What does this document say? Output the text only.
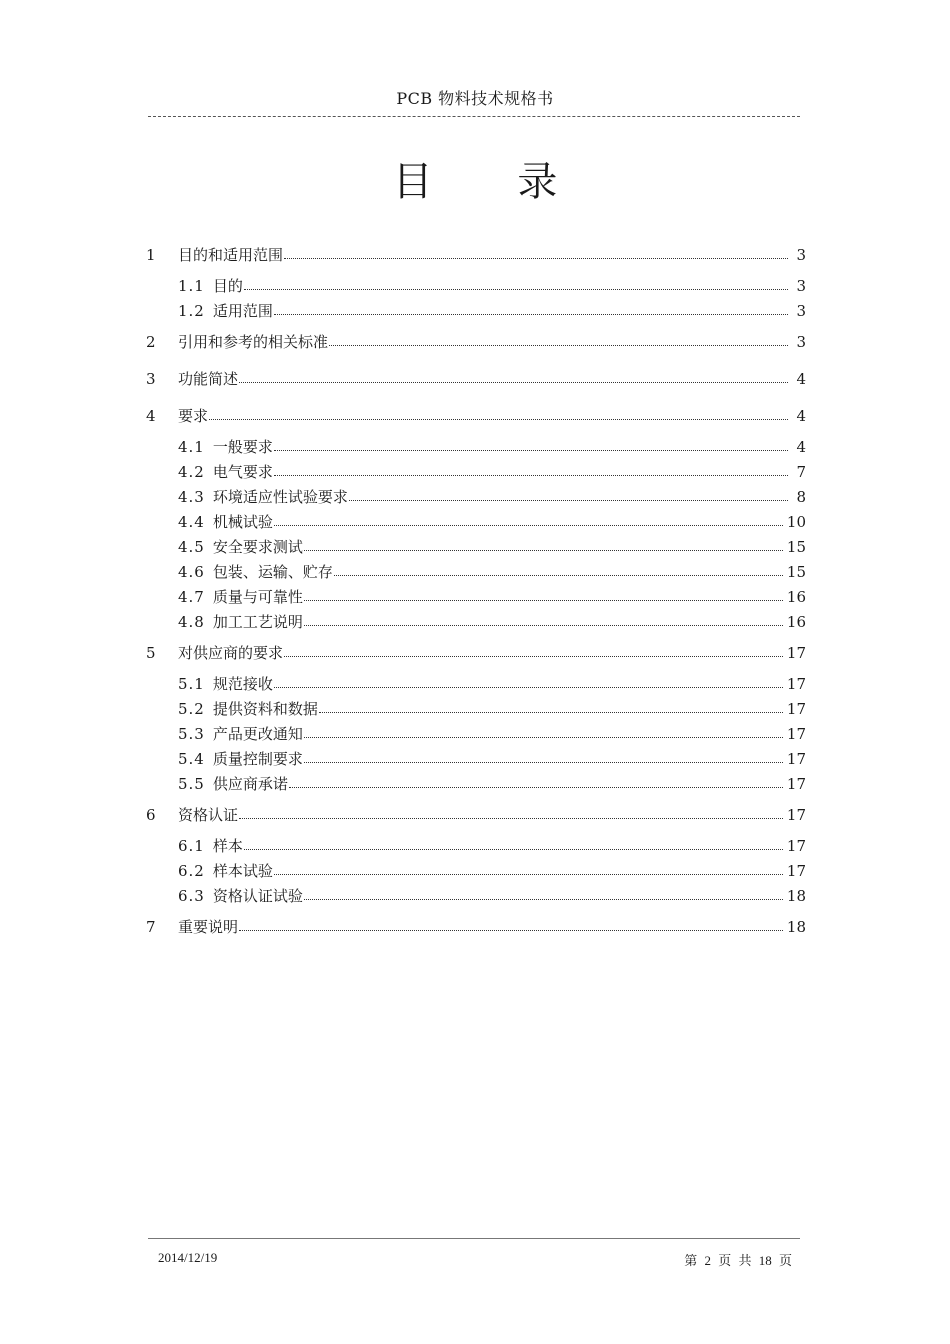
PCB 物料技术规格书
目 录
1	目的和适用范围	3
1.1 目的	3
1.2 适用范围	3
2	引用和参考的相关标准	3
3	功能简述	4
4	要求	4
4.1 一般要求	4
4.2 电气要求	7
4.3 环境适应性试验要求	8
4.4 机械试验	10
4.5 安全要求测试	15
4.6 包装、运输、贮存	15
4.7 质量与可靠性	16
4.8 加工工艺说明	16
5	对供应商的要求	17
5.1 规范接收	17
5.2 提供资料和数据	17
5.3 产品更改通知	17
5.4 质量控制要求	17
5.5 供应商承诺	17
6	资格认证	17
6.1 样本	17
6.2 样本试验	17
6.3 资格认证试验	18
7	重要说明	18
2014/12/19	第 2 页 共 18 页
